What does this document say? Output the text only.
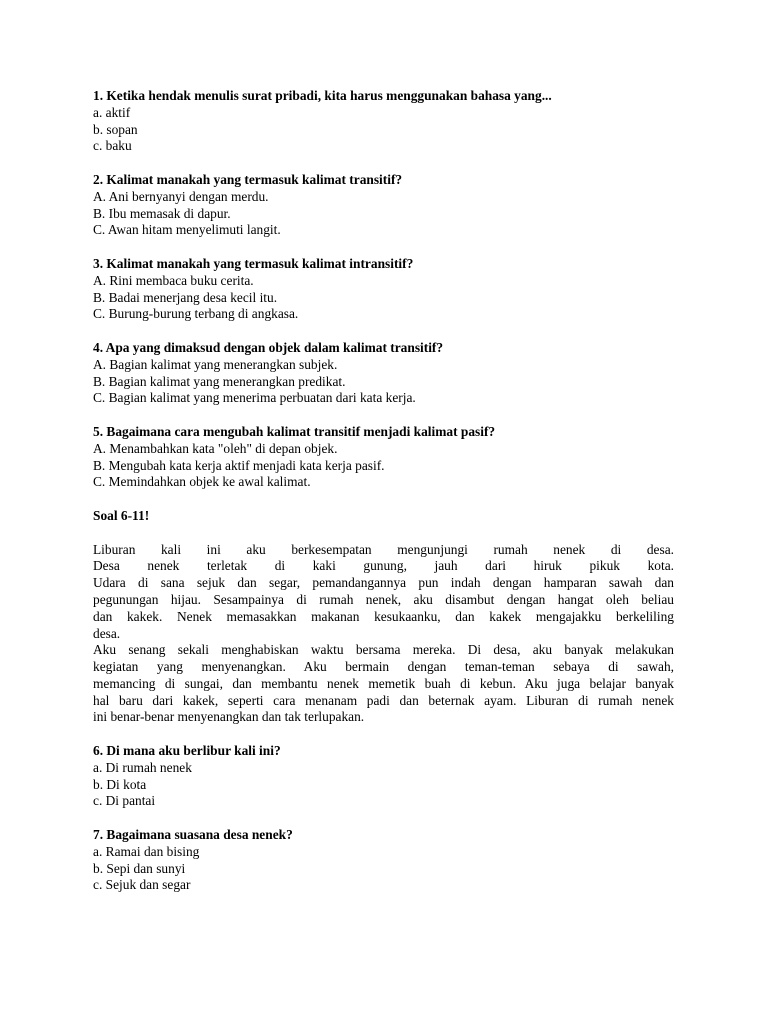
1. Ketika hendak menulis surat pribadi, kita harus menggunakan bahasa yang...
a. aktif
b. sopan
c. baku
2. Kalimat manakah yang termasuk kalimat transitif?
A. Ani bernyanyi dengan merdu.
B. Ibu memasak di dapur.
C. Awan hitam menyelimuti langit.
3. Kalimat manakah yang termasuk kalimat intransitif?
A. Rini membaca buku cerita.
B. Badai menerjang desa kecil itu.
C. Burung-burung terbang di angkasa.
4. Apa yang dimaksud dengan objek dalam kalimat transitif?
A. Bagian kalimat yang menerangkan subjek.
B. Bagian kalimat yang menerangkan predikat.
C. Bagian kalimat yang menerima perbuatan dari kata kerja.
5. Bagaimana cara mengubah kalimat transitif menjadi kalimat pasif?
A. Menambahkan kata "oleh" di depan objek.
B. Mengubah kata kerja aktif menjadi kata kerja pasif.
C. Memindahkan objek ke awal kalimat.
Soal 6-11!
Liburan kali ini aku berkesempatan mengunjungi rumah nenek di desa.
Desa nenek terletak di kaki gunung, jauh dari hiruk pikuk kota.
Udara di sana sejuk dan segar, pemandangannya pun indah dengan hamparan sawah dan
pegunungan hijau. Sesampainya di rumah nenek, aku disambut dengan hangat oleh beliau
dan kakek. Nenek memasakkan makanan kesukaanku, dan kakek mengajakku berkeliling
desa.
Aku senang sekali menghabiskan waktu bersama mereka. Di desa, aku banyak melakukan
kegiatan yang menyenangkan. Aku bermain dengan teman-teman sebaya di sawah,
memancing di sungai, dan membantu nenek memetik buah di kebun. Aku juga belajar banyak
hal baru dari kakek, seperti cara menanam padi dan beternak ayam. Liburan di rumah nenek
ini benar-benar menyenangkan dan tak terlupakan.
6. Di mana aku berlibur kali ini?
a. Di rumah nenek
b. Di kota
c. Di pantai
7. Bagaimana suasana desa nenek?
a. Ramai dan bising
b. Sepi dan sunyi
c. Sejuk dan segar
